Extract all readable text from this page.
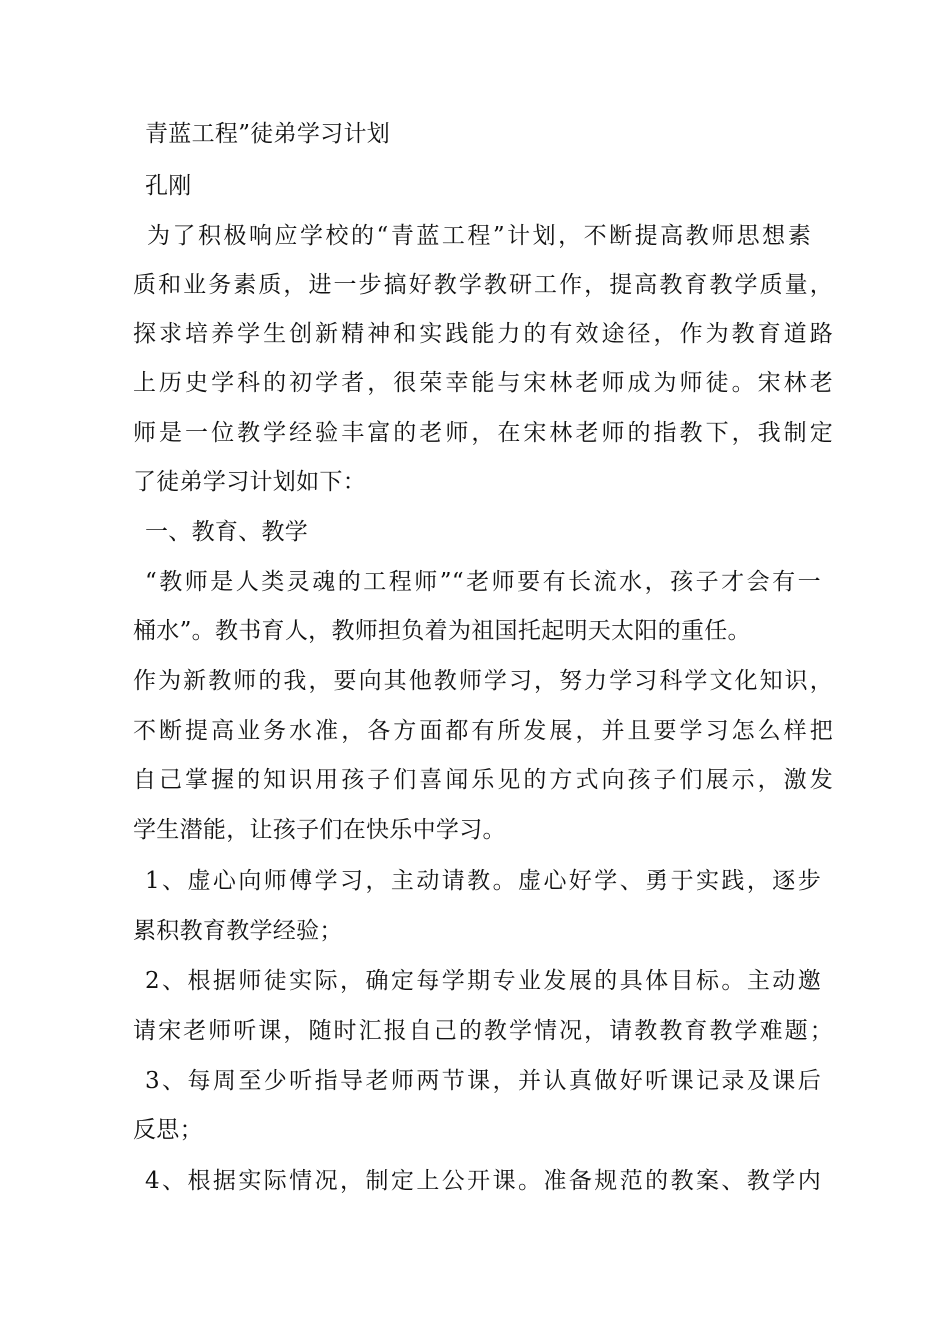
青蓝工程”徒弟学习计划
孔刚
为了积极响应学校的“青蓝工程”计划，不断提高教师思想素
质和业务素质，进一步搞好教学教研工作，提高教育教学质量，
探求培养学生创新精神和实践能力的有效途径，作为教育道路
上历史学科的初学者，很荣幸能与宋林老师成为师徒。宋林老
师是一位教学经验丰富的老师，在宋林老师的指教下，我制定
了徒弟学习计划如下：
一、教育、教学
“教师是人类灵魂的工程师”“老师要有长流水，孩子才会有一
桶水”。教书育人，教师担负着为祖国托起明天太阳的重任。
作为新教师的我，要向其他教师学习，努力学习科学文化知识，
不断提高业务水准，各方面都有所发展，并且要学习怎么样把
自己掌握的知识用孩子们喜闻乐见的方式向孩子们展示，激发
学生潜能，让孩子们在快乐中学习。
1、虚心向师傅学习，主动请教。虚心好学、勇于实践，逐步
累积教育教学经验；
2、根据师徒实际，确定每学期专业发展的具体目标。主动邀
请宋老师听课，随时汇报自己的教学情况，请教教育教学难题；
3、每周至少听指导老师两节课，并认真做好听课记录及课后
反思；
4、根据实际情况，制定上公开课。准备规范的教案、教学内
